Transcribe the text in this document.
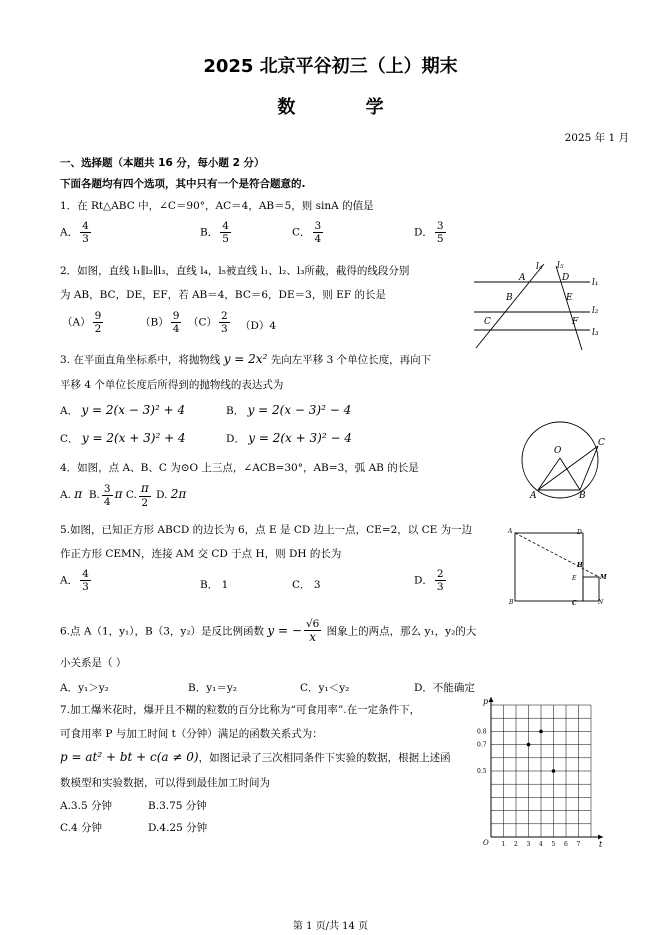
2025 北京平谷初三（上）期末
数 学
2025 年 1 月
一、选择题（本题共 16 分，每小题 2 分）
下面各题均有四个选项，其中只有一个是符合题意的.
1．在 Rt△ABC 中，∠C＝90°，AC＝4，AB＝5，则 sinA 的值是
A． $\frac{4}{3}$	B． $\frac{4}{5}$	C． $\frac{3}{4}$	D． $\frac{3}{5}$
2．如图，直线 l₁∥l₂∥l₃，直线 l₄，l₅被直线 l₁、l₂、l₃所截，截得的线段分别
为 AB，BC，DE，EF，若 AB＝4，BC＝6，DE＝3，则 EF 的长是
$(A) \frac{9}{2}$	$(B) \frac{9}{4} (C) \frac{2}{3} (D)4$
l₄ l₅
l₁
l₂
l₃
A
B
C
D
E
F
3. 在平面直角坐标系中，将抛物线 y = 2x² 先向左平移 3 个单位长度，再向下
平移 4 个单位长度后所得到的抛物线的表达式为
A． y = 2(x − 3)² + 4	B． y = 2(x − 3)² − 4
C． y = 2(x + 3)² + 4	D． y = 2(x + 3)² − 4
O
A	B
C
4．如图，点 A、B、C 为⊙O 上三点，∠ACB=30°，AB=3，弧 AB 的长是
A. π B. $\frac{3}{4}$ π C. $\frac{\pi}{2} D$. 2π
5.如图，已知正方形 ABCD 的边长为 6，点 E 是 CD 边上一点，CE=2，以 CE 为一边
作正方形 CEMN，连接 AM 交 CD 于点 H，则 DH 的长为
A． $\frac{4}{3}$	B． 1	C． 3	D． $\frac{2}{3}$
A	D
H
E	M
B	C	N
6.点 A（1，y₁），B（3，y₂）是反比例函数 y = − $\frac{√6}{x}$ 图象上的两点，那么 y₁，y₂的大
小关系是（ ）
A．y₁＞y₂	B．y₁＝y₂	C．y₁＜y₂	D．不能确定
7.加工爆米花时，爆开且不糊的粒数的百分比称为“可食用率”.在一定条件下，
可食用率 P 与加工时间 t（分钟）满足的函数关系式为：
p = at² + bt + c(a ≠ 0)，如图记录了三次相同条件下实验的数据，根据上述函
数模型和实验数据，可以得到最佳加工时间为
A.3.5 分钟	B.3.75 分钟
C.4 分钟	D.4.25 分钟
t
p
O 1 2 3 4 5 6 7
0.5
0.7
0.8
第 1 页/共 14 页
